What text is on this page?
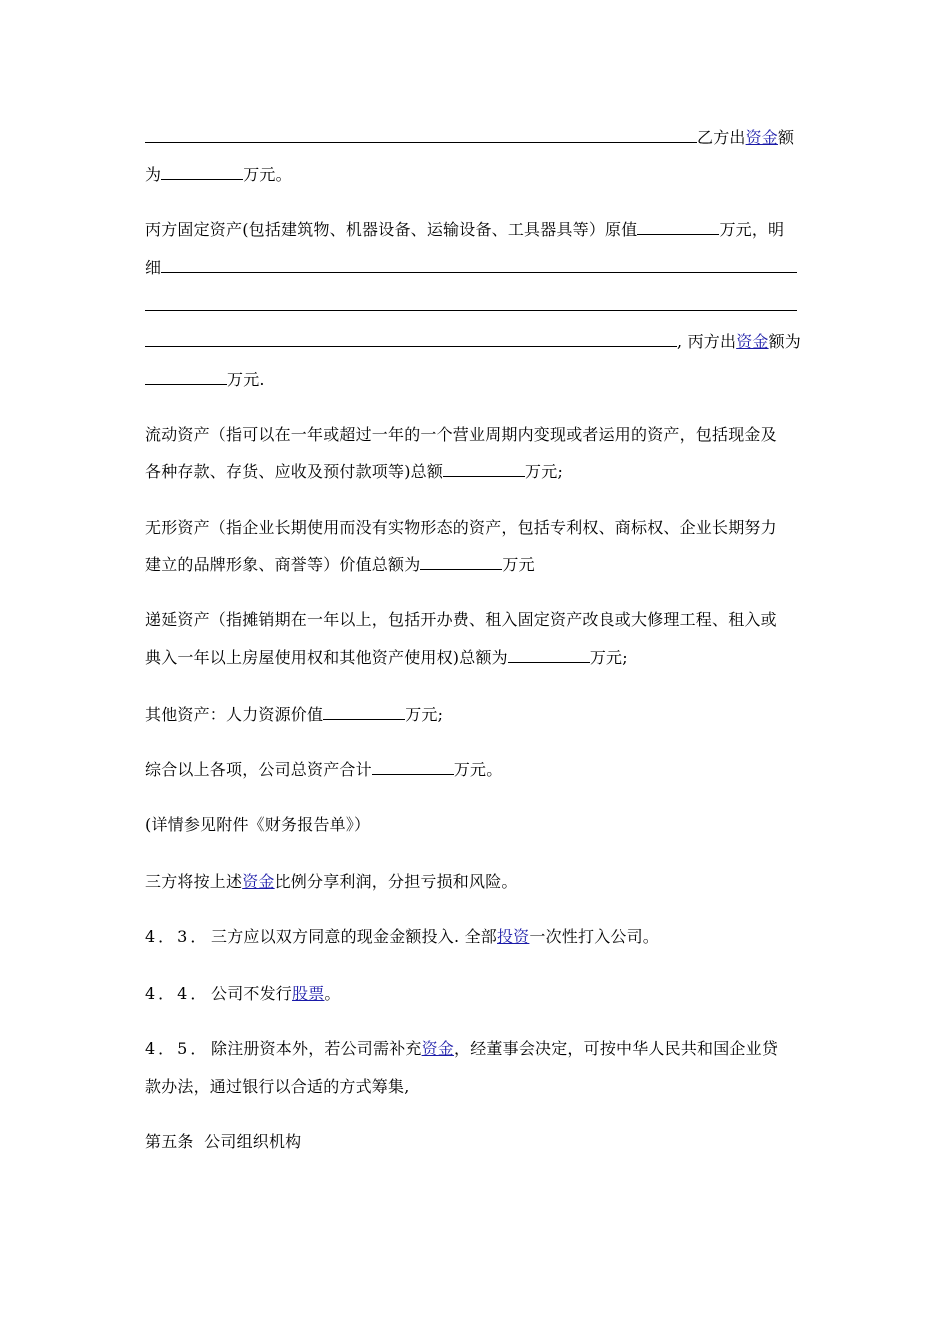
乙方出资金额
为	万元。
丙方固定资产(包括建筑物、机器设备、运输设备、工具器具等）原值	万元，明
细
, 丙方出资金额为
万元.
流动资产（指可以在一年或超过一年的一个营业周期内变现或者运用的资产，包括现金及
各种存款、存货、应收及预付款项等)总额	万元;
无形资产（指企业长期使用而没有实物形态的资产，包括专利权、商标权、企业长期努力
建立的品牌形象、商誉等）价值总额为	万元
递延资产（指摊销期在一年以上，包括开办费、租入固定资产改良或大修理工程、租入或
典入一年以上房屋使用权和其他资产使用权)总额为	万元;
其他资产：人力资源价值	万元;
综合以上各项，公司总资产合计	万元。
(详情参见附件《财务报告单》）
三方将按上述资金比例分享利润，分担亏损和风险。
4．3． 三方应以双方同意的现金金额投入. 全部投资一次性打入公司。
4．4． 公司不发行股票。
4．5． 除注册资本外，若公司需补充资金，经董事会决定，可按中华人民共和国企业贷
款办法，通过银行以合适的方式筹集,
第五条  公司组织机构
